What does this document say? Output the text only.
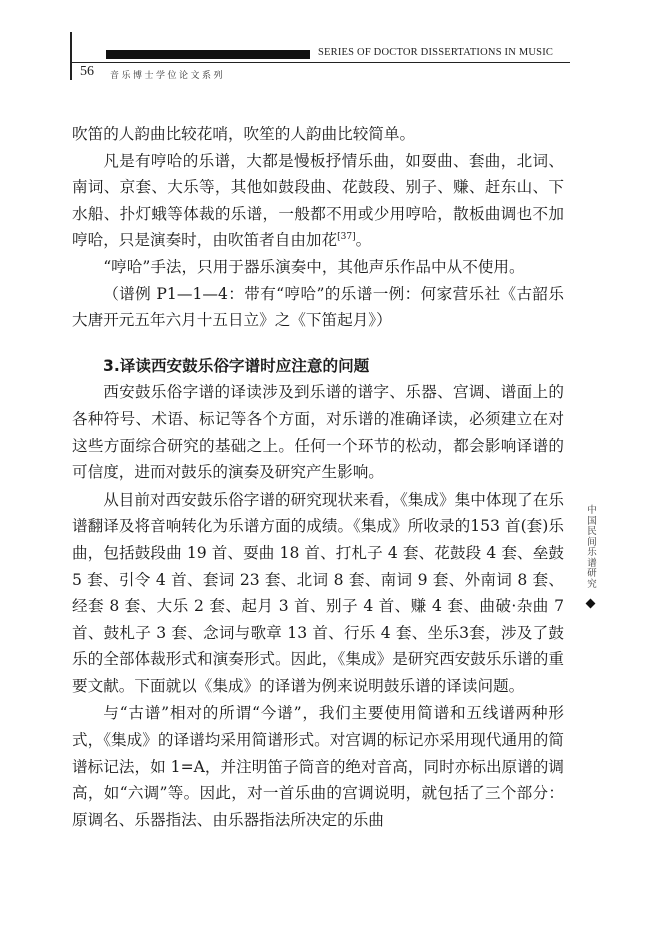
SERIES OF DOCTOR DISSERTATIONS IN MUSIC
56 音乐博士学位论文系列

吹笛的人韵曲比较花哨，吹笙的人韵曲比较简单。

凡是有哼哈的乐谱，大都是慢板抒情乐曲，如耍曲、套曲，北词、南词、京套、大乐等，其他如鼓段曲、花鼓段、别子、赚、赶东山、下水船、扑灯蛾等体裁的乐谱，一般都不用或少用哼哈，散板曲调也不加哼哈，只是演奏时，由吹笛者自由加花[37]。

“哼哈”手法，只用于器乐演奏中，其他声乐作品中从不使用。

（谱例 P1—1—4：带有“哼哈”的乐谱一例：何家营乐社《古韶乐 大唐开元五年六月十五日立》之《下笛起月》）

3.译读西安鼓乐俗字谱时应注意的问题

西安鼓乐俗字谱的译读涉及到乐谱的谱字、乐器、宫调、谱面上的各种符号、术语、标记等各个方面，对乐谱的准确译读，必须建立在对这些方面综合研究的基础之上。任何一个环节的松动，都会影响译谱的可信度，进而对鼓乐的演奏及研究产生影响。

从目前对西安鼓乐俗字谱的研究现状来看，《集成》集中体现了在乐谱翻译及将音响转化为乐谱方面的成绩。《集成》所收录的153 首(套)乐曲，包括鼓段曲 19 首、耍曲 18 首、打札子 4 套、花鼓段 4 套、垒鼓 5 套、引令 4 首、套词 23 套、北词 8 套、南词 9 套、外南词 8 套、经套 8 套、大乐 2 套、起月 3 首、别子 4 首、赚 4 套、曲破·杂曲 7 首、鼓札子 3 套、念词与歌章 13 首、行乐 4 套、坐乐3套，涉及了鼓乐的全部体裁形式和演奏形式。因此，《集成》是研究西安鼓乐乐谱的重要文献。下面就以《集成》的译谱为例来说明鼓乐谱的译读问题。

与“古谱”相对的所谓“今谱”，我们主要使用简谱和五线谱两种形式，《集成》的译谱均采用简谱形式。对宫调的标记亦采用现代通用的简谱标记法，如 1=A，并注明笛子筒音的绝对音高，同时亦标出原谱的调高，如“六调”等。因此，对一首乐曲的宫调说明，就包括了三个部分：原调名、乐器指法、由乐器指法所决定的乐曲

中国民间乐谱研究
